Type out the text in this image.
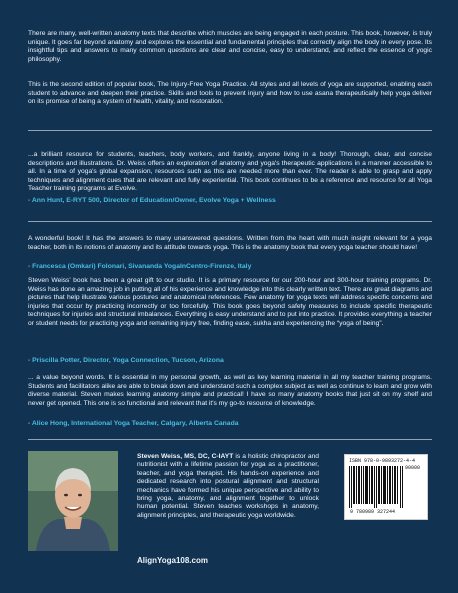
There are many, well-written anatomy texts that describe which muscles are being engaged in each posture. This book, however, is truly unique. It goes far beyond anatomy and explores the essential and fundamental principles that correctly align the body in every pose. Its insightful tips and answers to many common questions are clear and concise, easy to understand, and reflect the essence of yogic philosophy.

This is the second edition of popular book, The Injury-Free Yoga Practice. All styles and all levels of yoga are supported, enabling each student to advance and deepen their practice. Skills and tools to prevent injury and how to use asana therapeutically help yoga deliver on its promise of being a system of health, vitality, and restoration.

...a brilliant resource for students, teachers, body workers, and frankly, anyone living in a body! Thorough, clear, and concise descriptions and illustrations. Dr. Weiss offers an exploration of anatomy and yoga's therapeutic applications in a manner accessible to all. In a time of yoga's global expansion, resources such as this are needed more than ever. The reader is able to grasp and apply techniques and alignment cues that are relevant and fully experiential. This book continues to be a reference and resource for all Yoga Teacher training programs at Evolve.

- Ann Hunt, E-RYT 500, Director of Education/Owner, Evolve Yoga + Wellness

A wonderful book! It has the answers to many unanswered questions. Written from the heart with much insight relevant for a yoga teacher, both in its notions of anatomy and its attitude towards yoga. This is the anatomy book that every yoga teacher should have!

- Francesca (Omkari) Folonari, Sivananda YogaInCentro-Firenze, Italy

Steven Weiss' book has been a great gift to our studio. It is a primary resource for our 200-hour and 300-hour training programs. Dr. Weiss has done an amazing job in putting all of his experience and knowledge into this clearly written text. There are great diagrams and pictures that help illustrate various postures and anatomical references. Few anatomy for yoga texts will address specific concerns and injuries that occur by practicing incorrectly or too forcefully. This book goes beyond safety measures to include specific therapeutic techniques for injuries and structural imbalances. Everything is easy understand and to put into practice. It provides everything a teacher or student needs for practicing yoga and remaining injury free, finding ease, sukha and experiencing the “yoga of being”.

- Priscilla Potter, Director, Yoga Connection, Tucson, Arizona

... a value beyond words. It is essential in my personal growth, as well as key learning material in all my teacher training programs. Students and facilitators alike are able to break down and understand such a complex subject as well as continue to learn and grow with diverse material. Steven makes learning anatomy simple and practical! I have so many anatomy books that just sit on my shelf and never get opened. This one is so functional and relevant that it's my go-to resource of knowledge.

- Alice Hong, International Yoga Teacher, Calgary, Alberta Canada

Steven Weiss, MS, DC, C-IAYT is a holistic chiropractor and nutritionist with a lifetime passion for yoga as a practitioner, teacher, and yoga therapist. His hands-on experience and dedicated research into postural alignment and structural mechanics have formed his unique perspective and ability to bring yoga, anatomy, and alignment together to unlock human potential. Steven teaches workshops in anatomy, alignment principles, and therapeutic yoga worldwide.

AlignYoga108.com
ISBN 978-0-9893272-4-4
90000
9 780989 327244
